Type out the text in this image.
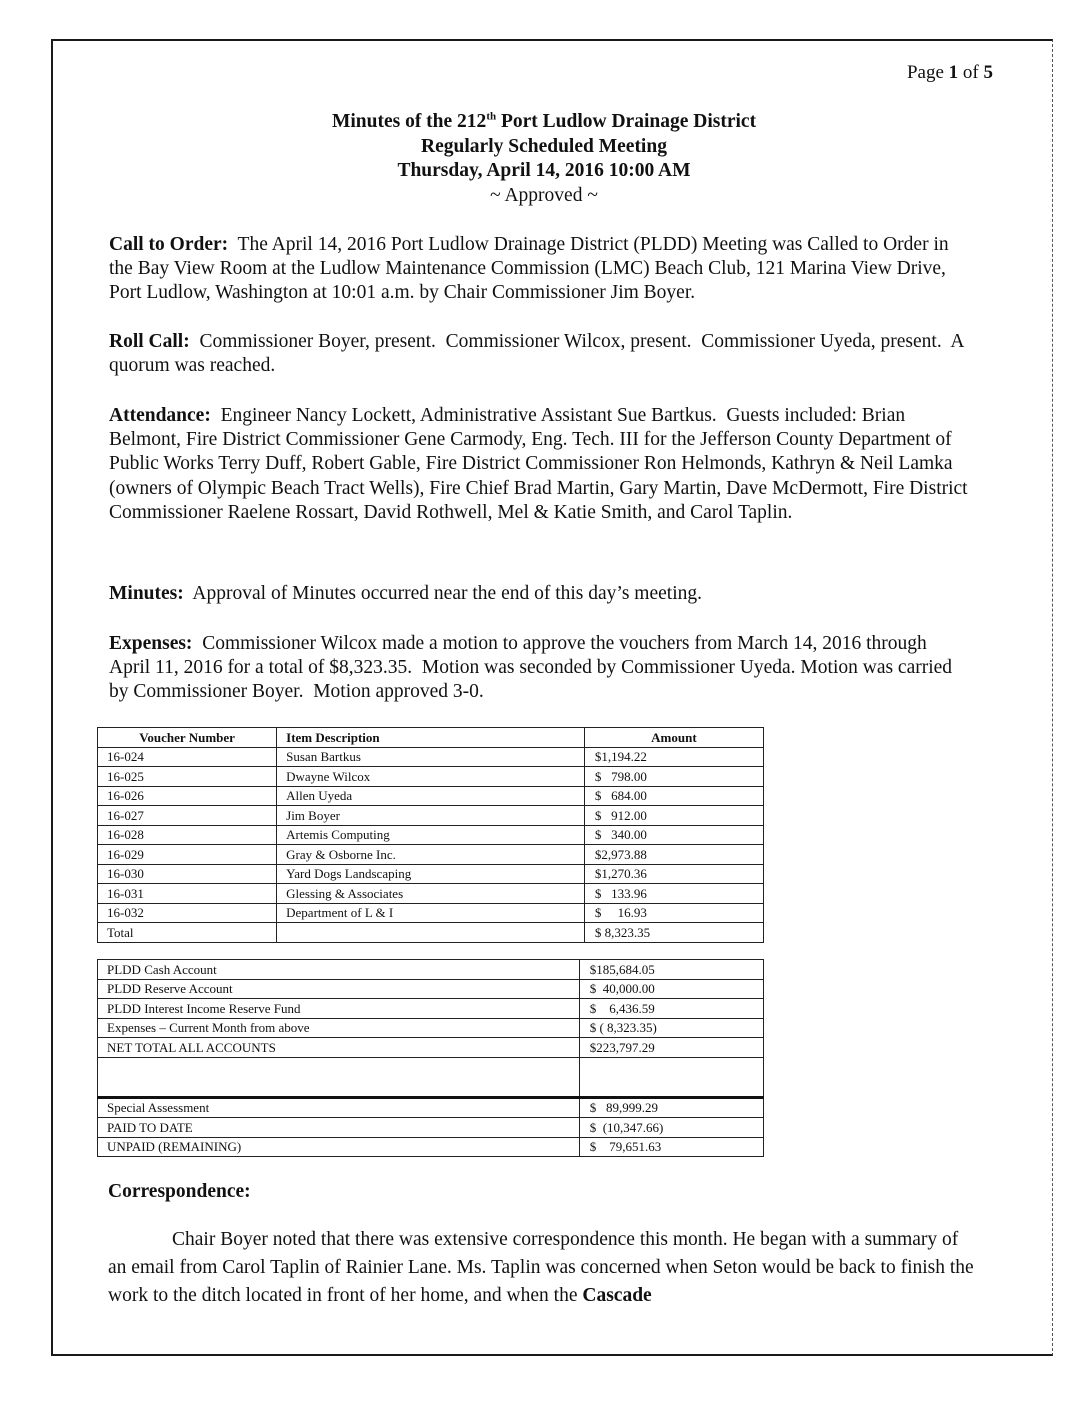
Page 1 of 5
Minutes of the 212th Port Ludlow Drainage District
Regularly Scheduled Meeting
Thursday, April 14, 2016 10:00 AM
~ Approved ~
Call to Order:  The April 14, 2016 Port Ludlow Drainage District (PLDD) Meeting was Called to Order in the Bay View Room at the Ludlow Maintenance Commission (LMC) Beach Club, 121 Marina View Drive, Port Ludlow, Washington at 10:01 a.m. by Chair Commissioner Jim Boyer.
Roll Call:  Commissioner Boyer, present.  Commissioner Wilcox, present.  Commissioner Uyeda, present.  A quorum was reached.
Attendance:  Engineer Nancy Lockett, Administrative Assistant Sue Bartkus.  Guests included: Brian Belmont, Fire District Commissioner Gene Carmody, Eng. Tech. III for the Jefferson County Department of Public Works Terry Duff, Robert Gable, Fire District Commissioner Ron Helmonds, Kathryn & Neil Lamka (owners of Olympic Beach Tract Wells), Fire Chief Brad Martin, Gary Martin, Dave McDermott, Fire District Commissioner Raelene Rossart, David Rothwell, Mel & Katie Smith, and Carol Taplin.
Minutes:  Approval of Minutes occurred near the end of this day’s meeting.
Expenses:  Commissioner Wilcox made a motion to approve the vouchers from March 14, 2016 through April 11, 2016 for a total of $8,323.35.  Motion was seconded by Commissioner Uyeda. Motion was carried by Commissioner Boyer.  Motion approved 3-0.
Voucher Number	Item Description	Amount
16-024	Susan Bartkus	$1,194.22
16-025	Dwayne Wilcox	$   798.00
16-026	Allen Uyeda	$   684.00
16-027	Jim Boyer	$   912.00
16-028	Artemis Computing	$   340.00
16-029	Gray & Osborne Inc.	$2,973.88
16-030	Yard Dogs Landscaping	$1,270.36
16-031	Glessing & Associates	$   133.96
16-032	Department of L & I	$     16.93
Total		$ 8,323.35
PLDD Cash Account	$185,684.05
PLDD Reserve Account	$  40,000.00
PLDD Interest Income Reserve Fund	$    6,436.59
Expenses – Current Month from above	$ ( 8,323.35)
NET TOTAL ALL ACCOUNTS	$223,797.29

Special Assessment	$   89,999.29
PAID TO DATE	$  (10,347.66)
UNPAID (REMAINING)	$    79,651.63
Correspondence:
Chair Boyer noted that there was extensive correspondence this month. He began with a summary of an email from Carol Taplin of Rainier Lane. Ms. Taplin was concerned when Seton would be back to finish the work to the ditch located in front of her home, and when the Cascade
